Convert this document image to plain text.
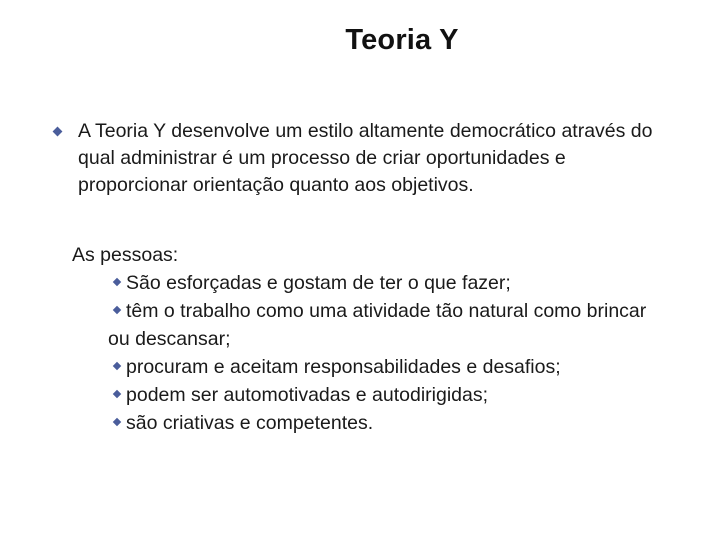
Teoria Y

A Teoria Y desenvolve um estilo altamente democrático através do qual administrar é um processo de criar oportunidades e proporcionar orientação quanto aos objetivos.

As pessoas:
São esforçadas e gostam de ter o que fazer;
têm o trabalho como uma atividade tão natural como brincar ou descansar;
procuram e aceitam responsabilidades e desafios;
podem ser automotivadas e autodirigidas;
são criativas e competentes.
